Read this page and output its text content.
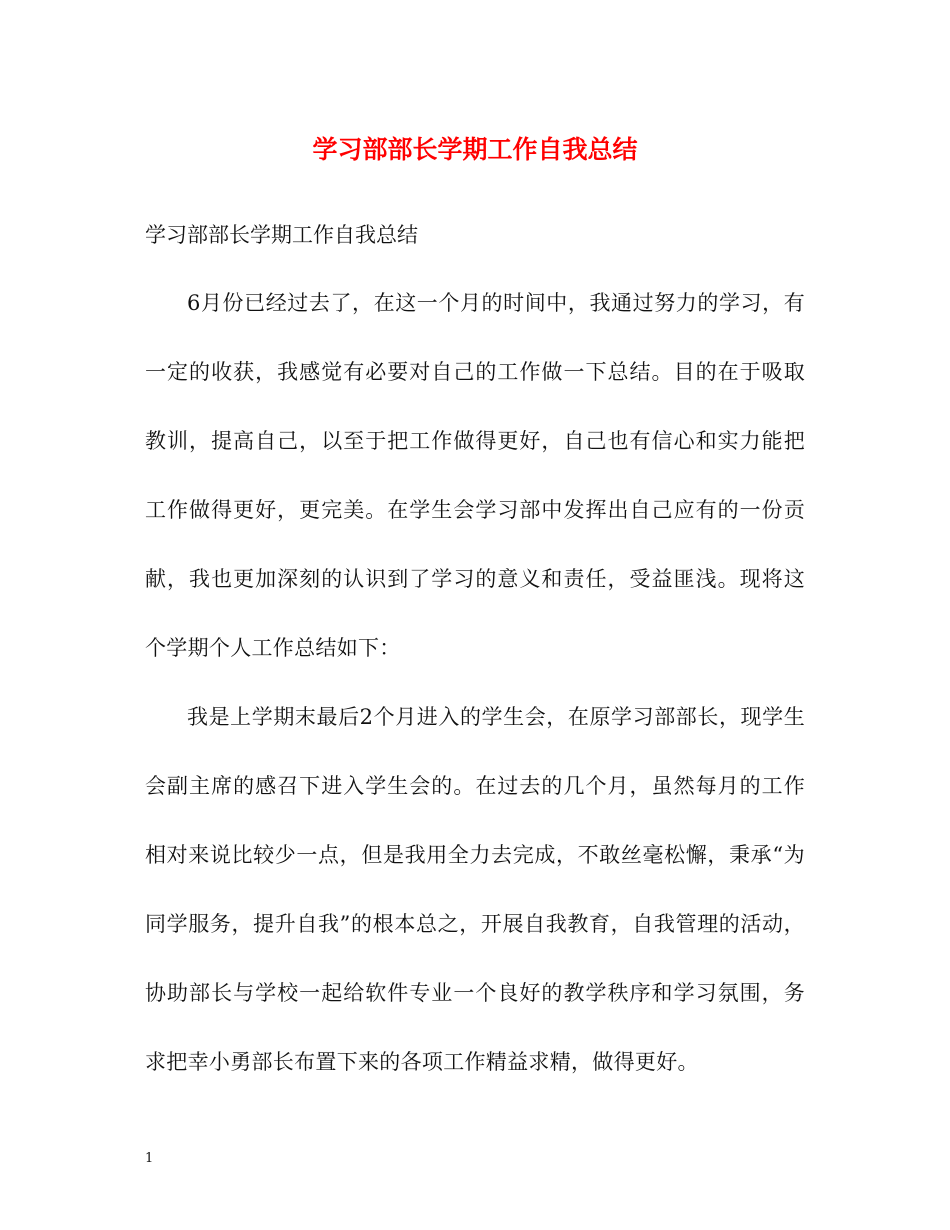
学习部部长学期工作自我总结

学习部部长学期工作自我总结

6月份已经过去了，在这一个月的时间中，我通过努力的学习，有一定的收获，我感觉有必要对自己的工作做一下总结。目的在于吸取教训，提高自己，以至于把工作做得更好，自己也有信心和实力能把工作做得更好，更完美。在学生会学习部中发挥出自己应有的一份贡献，我也更加深刻的认识到了学习的意义和责任，受益匪浅。现将这个学期个人工作总结如下：

我是上学期末最后2个月进入的学生会，在原学习部部长，现学生会副主席的感召下进入学生会的。在过去的几个月，虽然每月的工作相对来说比较少一点，但是我用全力去完成，不敢丝毫松懈，秉承“为同学服务，提升自我”的根本总之，开展自我教育，自我管理的活动，协助部长与学校一起给软件专业一个良好的教学秩序和学习氛围，务求把幸小勇部长布置下来的各项工作精益求精，做得更好。

1
